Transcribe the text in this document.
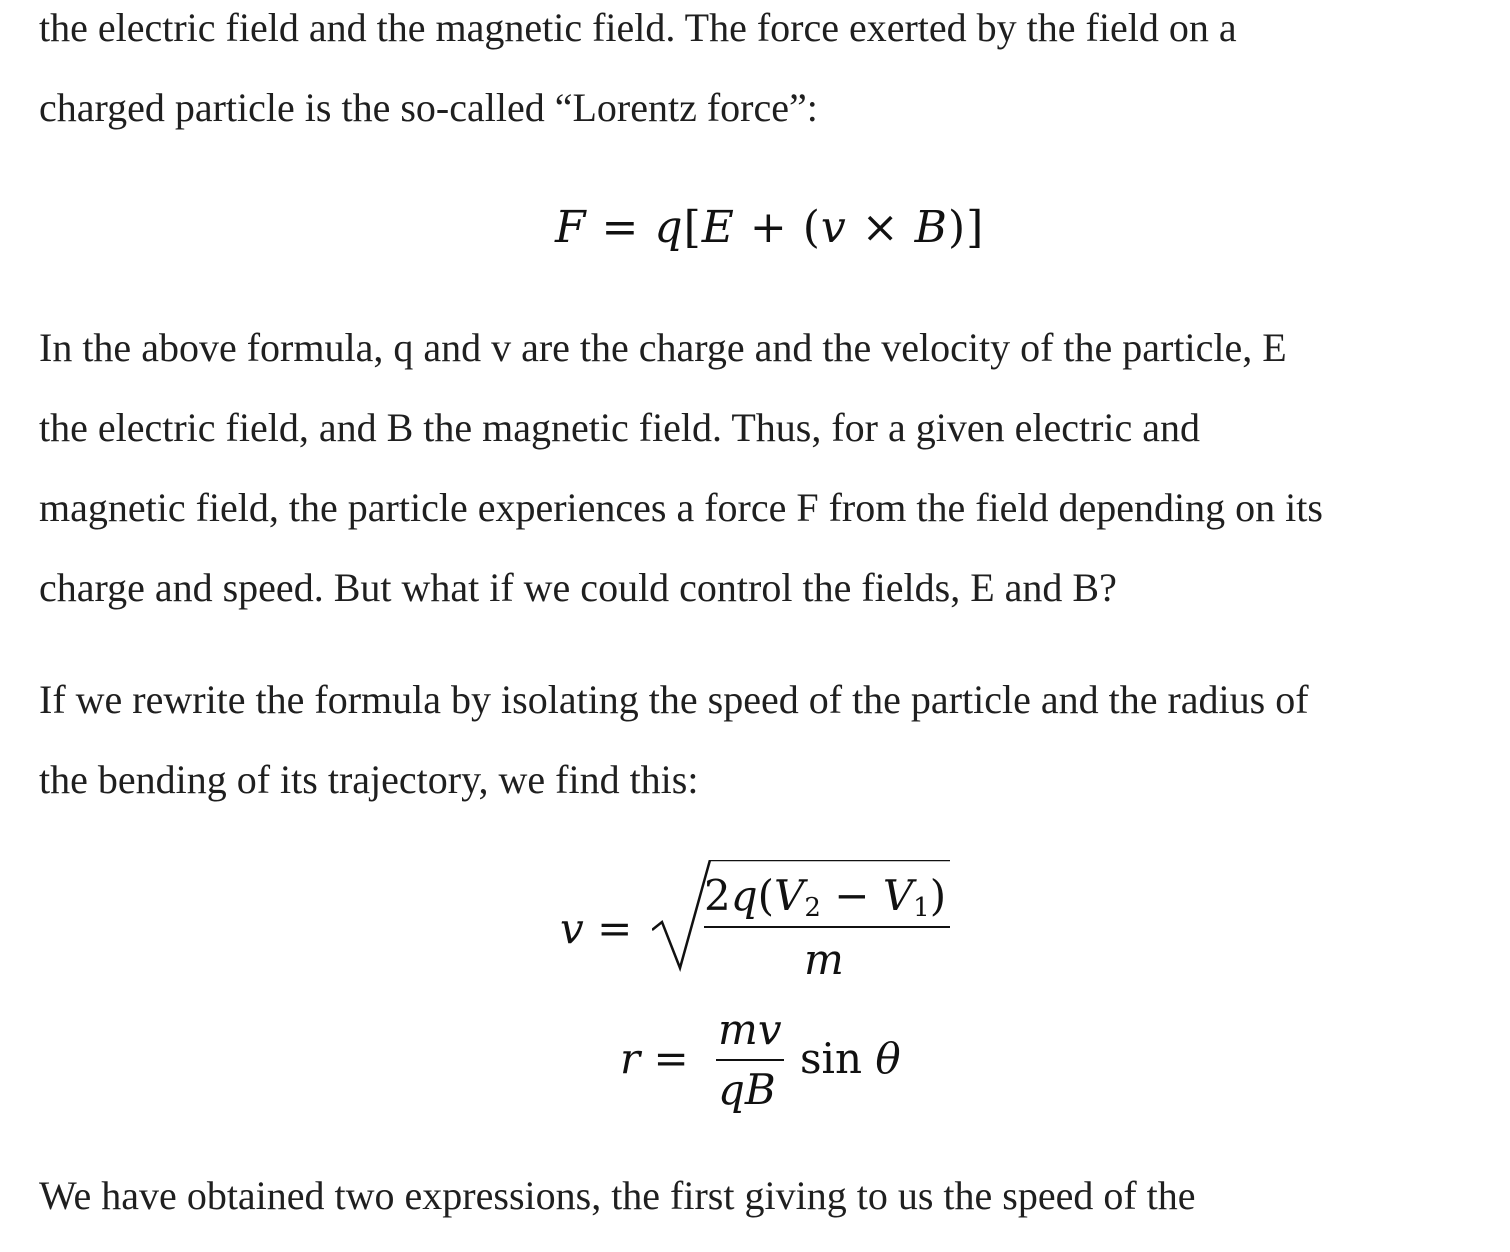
the electric field and the magnetic field. The force exerted by the field on a
charged particle is the so-called “Lorentz force”:

F = q[E + (v × B)]

In the above formula, q and v are the charge and the velocity of the particle, E
the electric field, and B the magnetic field. Thus, for a given electric and
magnetic field, the particle experiences a force F from the field depending on its
charge and speed. But what if we could control the fields, E and B?

If we rewrite the formula by isolating the speed of the particle and the radius of
the bending of its trajectory, we find this:

v =
$2q(V_2 - V_1)$
m
r =
mv
qB
sin θ

We have obtained two expressions, the first giving to us the speed of the
